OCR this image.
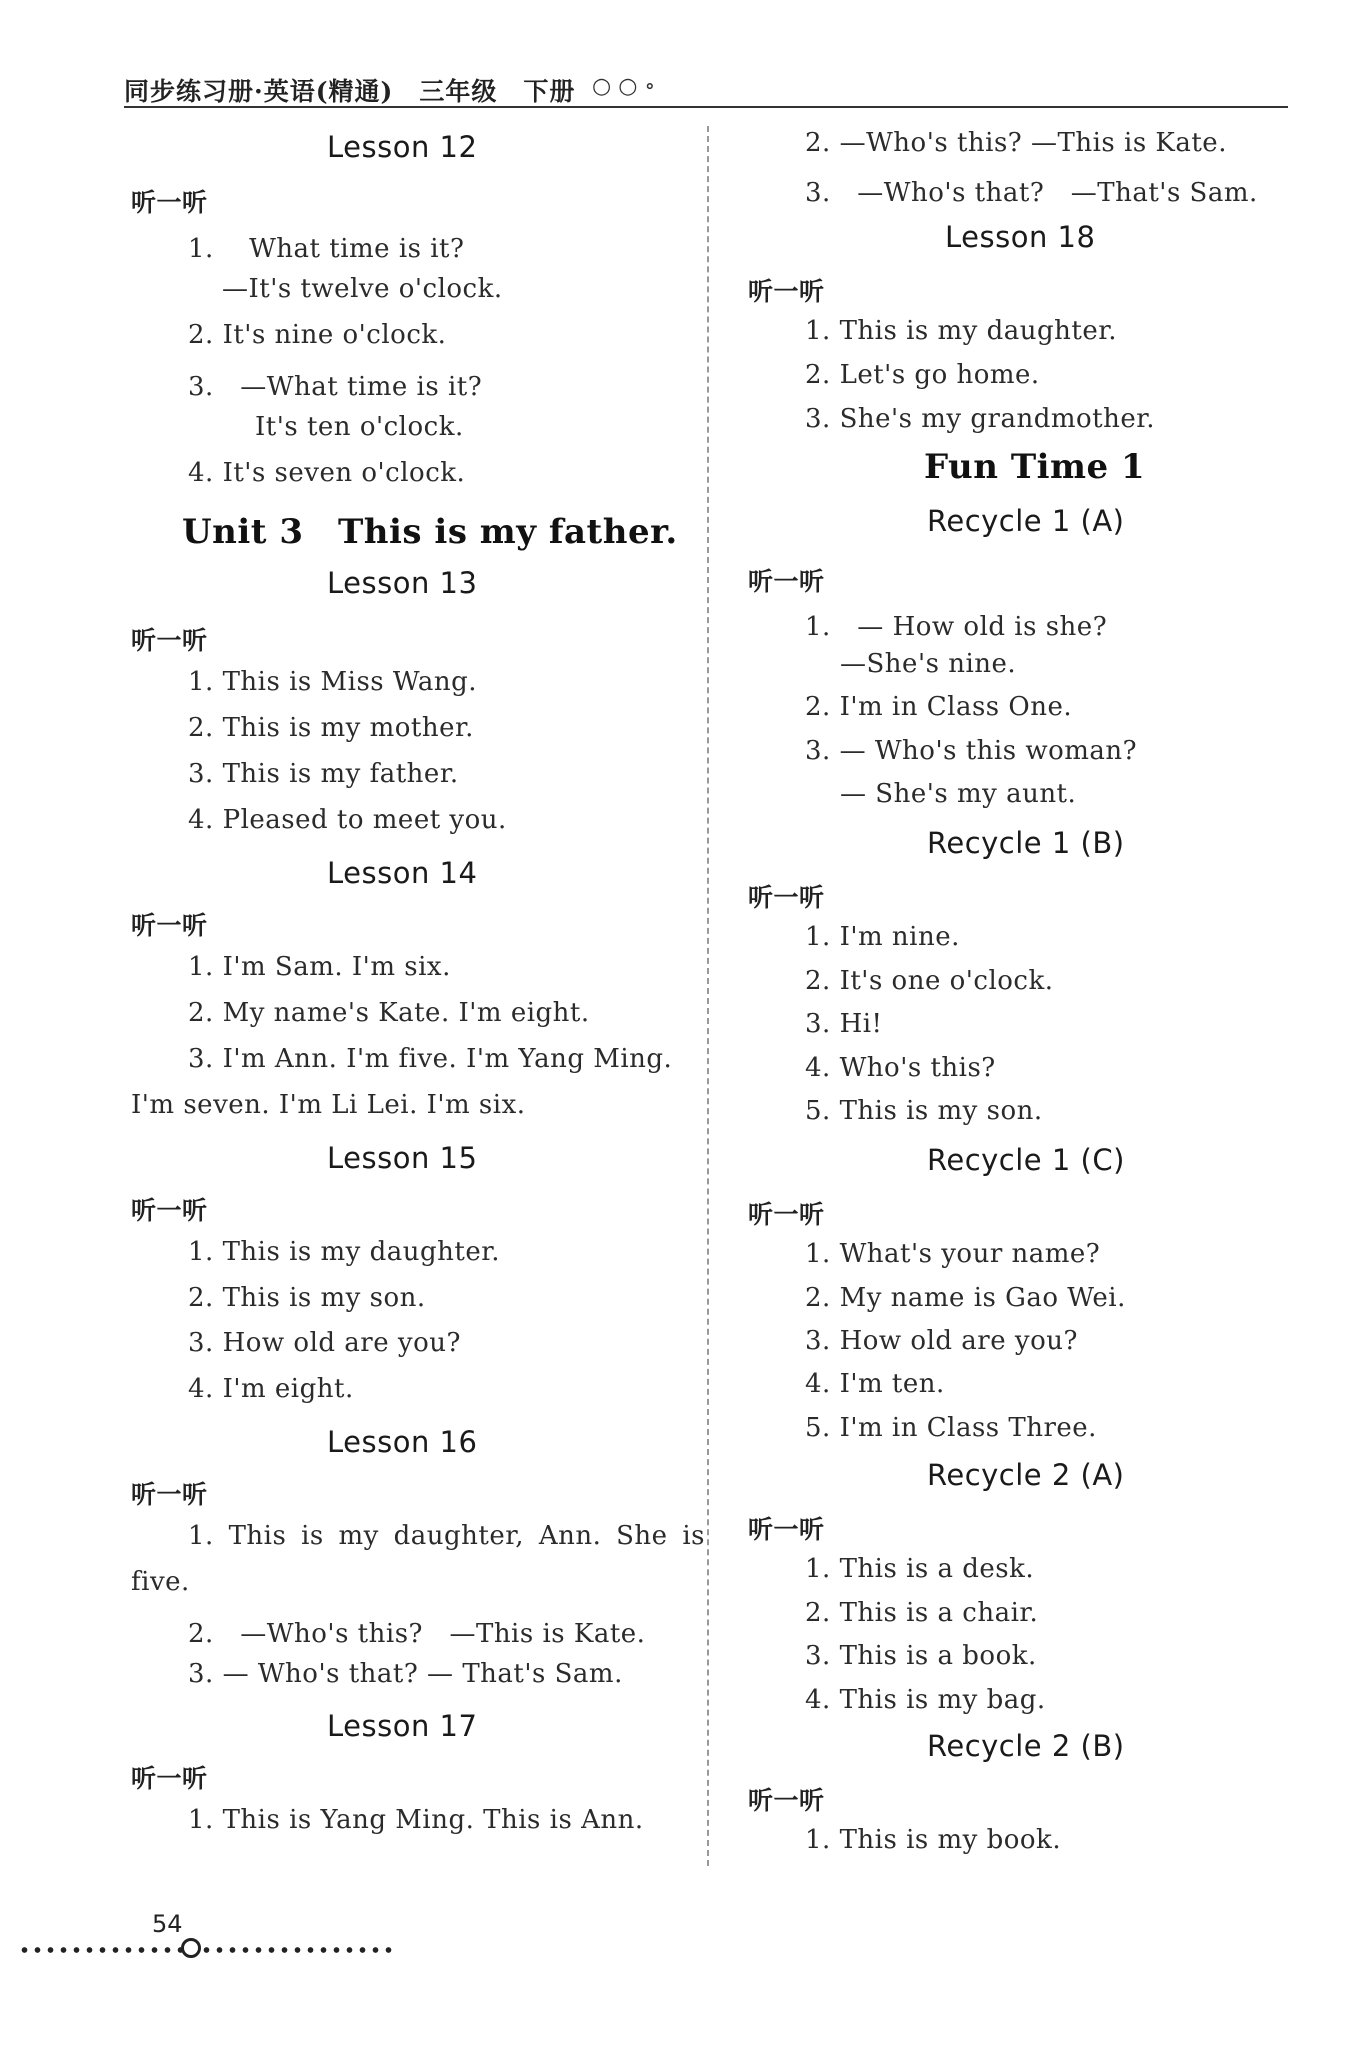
同步练习册·英语(精通)　三年级　下册 ○ ○ ∘
Lesson 12
听一听
1.　 What time is it?
—It's twelve o'clock.
2. It's nine o'clock.
3.　—What time is it?
It's ten o'clock.
4. It's seven o'clock.
Unit 3　This is my father.
Lesson 13
听一听
1. This is Miss Wang.
2. This is my mother.
3. This is my father.
4. Pleased to meet you.
Lesson 14
听一听
1. I'm Sam. I'm six.
2. My name's Kate. I'm eight.
3. I'm Ann. I'm five. I'm Yang Ming.
I'm seven. I'm Li Lei. I'm six.
Lesson 15
听一听
1. This is my daughter.
2. This is my son.
3. How old are you?
4. I'm eight.
Lesson 16
听一听
1. This is my daughter, Ann. She is
five.
2.　—Who's this?　—This is Kate.
3. — Who's that? — That's Sam.
Lesson 17
听一听
1. This is Yang Ming. This is Ann.
2. —Who's this? —This is Kate.
3.　—Who's that?　—That's Sam.
Lesson 18
听一听
1. This is my daughter.
2. Let's go home.
3. She's my grandmother.
Fun Time 1
Recycle 1 (A)
听一听
1.　— How old is she?
—She's nine.
2. I'm in Class One.
3. — Who's this woman?
— She's my aunt.
Recycle 1 (B)
听一听
1. I'm nine.
2. It's one o'clock.
3. Hi!
4. Who's this?
5. This is my son.
Recycle 1 (C)
听一听
1. What's your name?
2. My name is Gao Wei.
3. How old are you?
4. I'm ten.
5. I'm in Class Three.
Recycle 2 (A)
听一听
1. This is a desk.
2. This is a chair.
3. This is a book.
4. This is my bag.
Recycle 2 (B)
听一听
1. This is my book.
54
